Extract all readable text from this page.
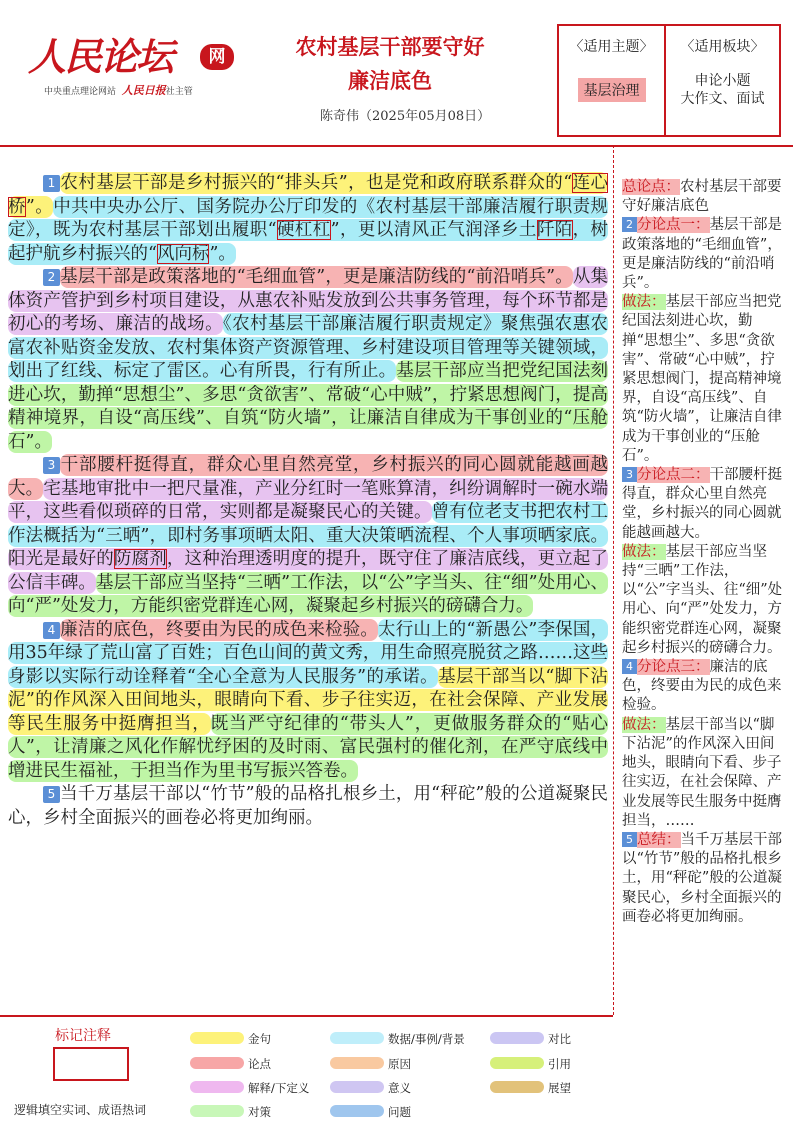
人民论坛	网
中央重点理论网站 人民日报社主管
农村基层干部要守好
廉洁底色
陈奇伟（2025年05月08日）
〈适用主题〉
基层治理
〈适用板块〉
申论小题
大作文、面试

1 农村基层干部是乡村振兴的“排头兵”，也是党和政府联系群众的“连心桥”。中共中央办公厅、国务院办公厅印发的《农村基层干部廉洁履行职责规定》，既为农村基层干部划出履职“硬杠杠”，更以清风正气润泽乡土阡陌，树起护航乡村振兴的“风向标”。

2 基层干部是政策落地的“毛细血管”，更是廉洁防线的“前沿哨兵”。从集体资产管护到乡村项目建设，从惠农补贴发放到公共事务管理，每个环节都是初心的考场、廉洁的战场。《农村基层干部廉洁履行职责规定》聚焦强农惠农富农补贴资金发放、农村集体资产资源管理、乡村建设项目管理等关键领域，划出了红线、标定了雷区。心有所畏，行有所止。基层干部应当把党纪国法刻进心坎，勤掸“思想尘”、多思“贪欲害”、常破“心中贼”，拧紧思想阀门，提高精神境界，自设“高压线”、自筑“防火墙”，让廉洁自律成为干事创业的“压舱石”。

3 干部腰杆挺得直，群众心里自然亮堂，乡村振兴的同心圆就能越画越大。宅基地审批中一把尺量准，产业分红时一笔账算清，纠纷调解时一碗水端平，这些看似琐碎的日常，实则都是凝聚民心的关键。曾有位老支书把农村工作法概括为“三晒”，即村务事项晒太阳、重大决策晒流程、个人事项晒家底。阳光是最好的防腐剂，这种治理透明度的提升，既守住了廉洁底线，更立起了公信丰碑。基层干部应当坚持“三晒”工作法，以“公”字当头、往“细”处用心、向“严”处发力，方能织密党群连心网，凝聚起乡村振兴的磅礴合力。

4 廉洁的底色，终要由为民的成色来检验。太行山上的“新愚公”李保国，用35年绿了荒山富了百姓；百色山间的黄文秀，用生命照亮脱贫之路……这些身影以实际行动诠释着“全心全意为人民服务”的承诺。基层干部当以“脚下沾泥”的作风深入田间地头，眼睛向下看、步子往实迈，在社会保障、产业发展等民生服务中挺膺担当，既当严守纪律的“带头人”，更做服务群众的“贴心人”，让清廉之风化作解忧纾困的及时雨、富民强村的催化剂，在严守底线中增进民生福祉，于担当作为里书写振兴答卷。

5 当千万基层干部以“竹节”般的品格扎根乡土，用“秤砣”般的公道凝聚民心，乡村全面振兴的画卷必将更加绚丽。

总论点：农村基层干部要守好廉洁底色
2 分论点一：基层干部是政策落地的“毛细血管”，更是廉洁防线的“前沿哨兵”。
做法：基层干部应当把党纪国法刻进心坎，勤掸“思想尘”、多思“贪欲害”、常破“心中贼”，拧紧思想阀门，提高精神境界，自设“高压线”、自筑“防火墙”，让廉洁自律成为干事创业的“压舱石”。
3 分论点二：干部腰杆挺得直，群众心里自然亮堂，乡村振兴的同心圆就能越画越大。
做法：基层干部应当坚持“三晒”工作法，以“公”字当头、往“细”处用心、向“严”处发力，方能织密党群连心网，凝聚起乡村振兴的磅礴合力。
4 分论点三：廉洁的底色，终要由为民的成色来检验。
做法：基层干部当以“脚下沾泥”的作风深入田间地头，眼睛向下看、步子往实迈，在社会保障、产业发展等民生服务中挺膺担当，……
5 总结：当千万基层干部以“竹节”般的品格扎根乡土，用“秤砣”般的公道凝聚民心，乡村全面振兴的画卷必将更加绚丽。
标记注释
逻辑填空实词、成语热词
金句
论点
解释/下定义
对策
数据/事例/背景
原因
意义
问题
对比
引用
展望
